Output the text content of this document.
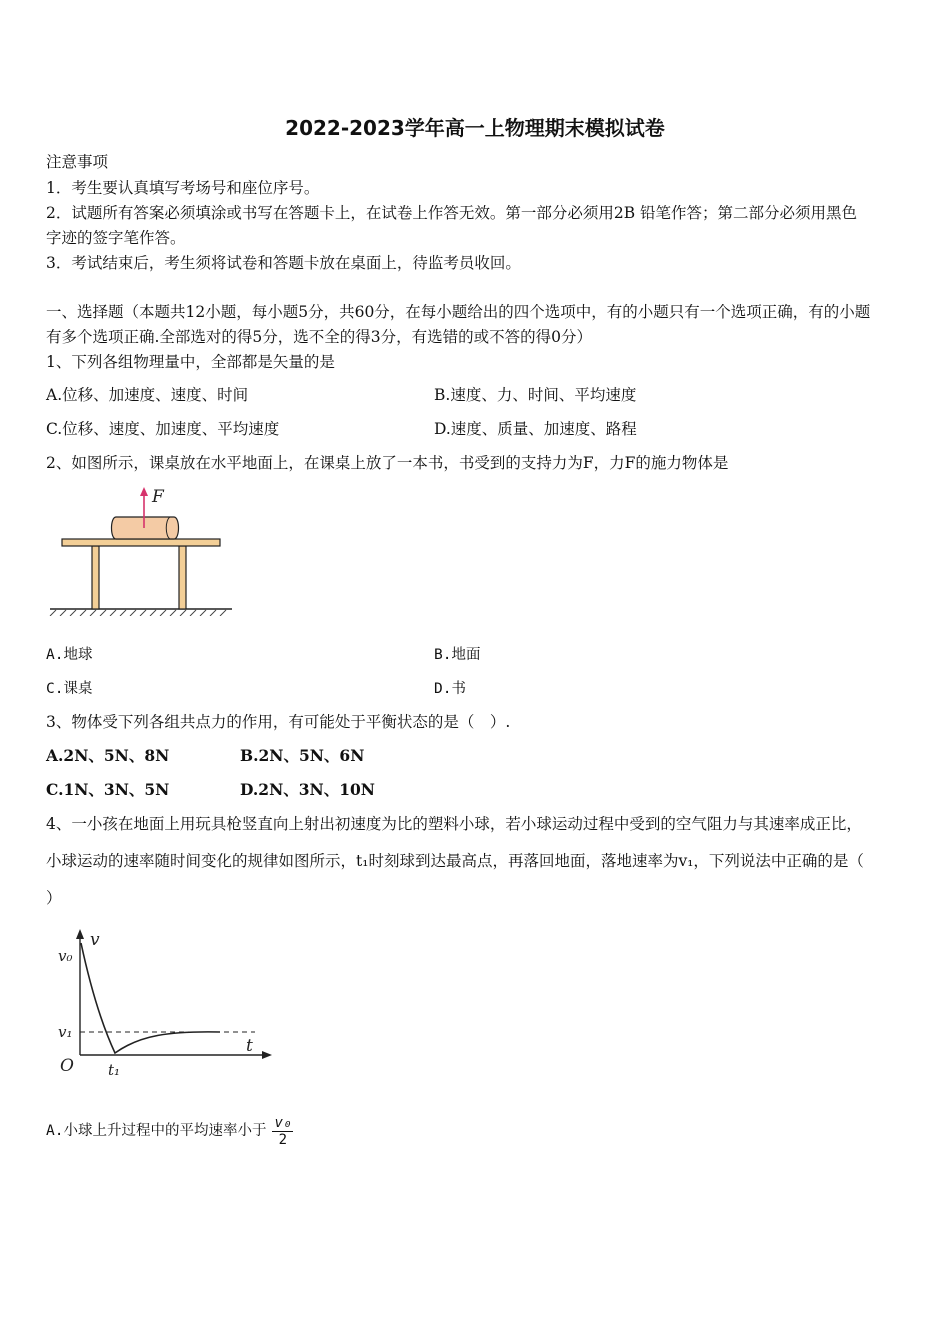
2022-2023学年高一上物理期末模拟试卷
注意事项
1．考生要认真填写考场号和座位序号。
2．试题所有答案必须填涂或书写在答题卡上，在试卷上作答无效。第一部分必须用2B 铅笔作答；第二部分必须用黑色
字迹的签字笔作答。
3．考试结束后，考生须将试卷和答题卡放在桌面上，待监考员收回。
一、选择题（本题共12小题，每小题5分，共60分，在每小题给出的四个选项中，有的小题只有一个选项正确，有的小题
有多个选项正确.全部选对的得5分，选不全的得3分，有选错的或不答的得0分）
1、下列各组物理量中，全部都是矢量的是
A.位移、加速度、速度、时间	B.速度、力、时间、平均速度
C.位移、速度、加速度、平均速度	D.速度、质量、加速度、路程
2、如图所示，课桌放在水平地面上，在课桌上放了一本书，书受到的支持力为F，力F的施力物体是
F
A.地球	B.地面
C.课桌	D.书
3、物体受下列各组共点力的作用，有可能处于平衡状态的是（　）.
A.2N、5N、8N	B.2N、5N、6N
C.1N、3N、5N	D.2N、3N、10N
4、一小孩在地面上用玩具枪竖直向上射出初速度为比的塑料小球，若小球运动过程中受到的空气阻力与其速率成正比，
小球运动的速率随时间变化的规律如图所示，t₁时刻球到达最高点，再落回地面，落地速率为v₁，下列说法中正确的是（
）
v
t
v₀
v₁
O t₁
A.小球上升过程中的平均速率小于 $\frac{\text{v₀}}{2}$
